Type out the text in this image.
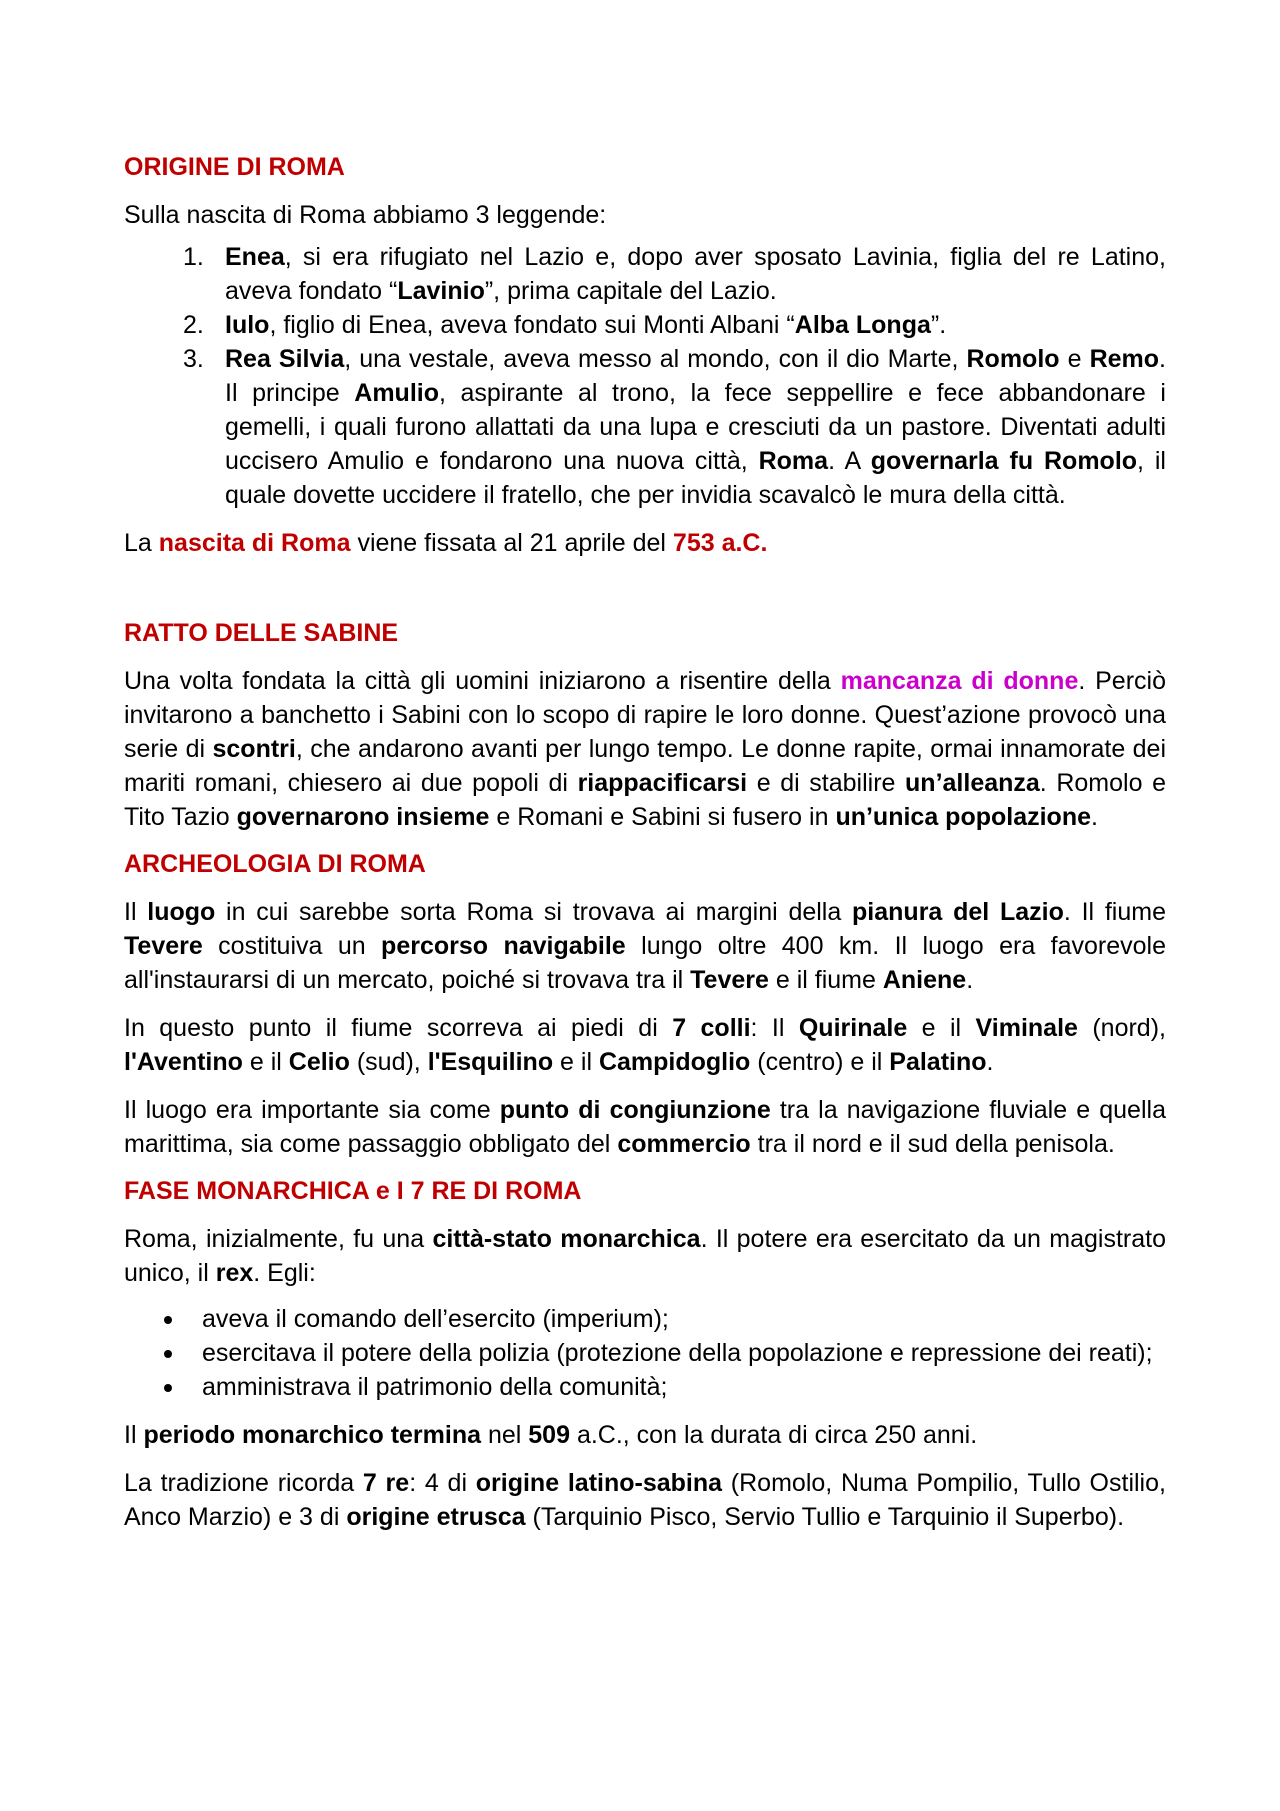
ORIGINE DI ROMA

Sulla nascita di Roma abbiamo 3 leggende:

1. Enea, si era rifugiato nel Lazio e, dopo aver sposato Lavinia, figlia del re Latino, aveva fondato “Lavinio”, prima capitale del Lazio.
2. Iulo, figlio di Enea, aveva fondato sui Monti Albani “Alba Longa”.
3. Rea Silvia, una vestale, aveva messo al mondo, con il dio Marte, Romolo e Remo. Il principe Amulio, aspirante al trono, la fece seppellire e fece abbandonare i gemelli, i quali furono allattati da una lupa e cresciuti da un pastore. Diventati adulti uccisero Amulio e fondarono una nuova città, Roma. A governarla fu Romolo, il quale dovette uccidere il fratello, che per invidia scavalcò le mura della città.

La nascita di Roma viene fissata al 21 aprile del 753 a.C.

RATTO DELLE SABINE

Una volta fondata la città gli uomini iniziarono a risentire della mancanza di donne. Perciò invitarono a banchetto i Sabini con lo scopo di rapire le loro donne. Quest’azione provocò una serie di scontri, che andarono avanti per lungo tempo. Le donne rapite, ormai innamorate dei mariti romani, chiesero ai due popoli di riappacificarsi e di stabilire un’alleanza. Romolo e Tito Tazio governarono insieme e Romani e Sabini si fusero in un’unica popolazione.

ARCHEOLOGIA DI ROMA

Il luogo in cui sarebbe sorta Roma si trovava ai margini della pianura del Lazio. Il fiume Tevere costituiva un percorso navigabile lungo oltre 400 km. Il luogo era favorevole all'instaurarsi di un mercato, poiché si trovava tra il Tevere e il fiume Aniene.

In questo punto il fiume scorreva ai piedi di 7 colli: Il Quirinale e il Viminale (nord), l'Aventino e il Celio (sud), l'Esquilino e il Campidoglio (centro) e il Palatino.

Il luogo era importante sia come punto di congiunzione tra la navigazione fluviale e quella marittima, sia come passaggio obbligato del commercio tra il nord e il sud della penisola.

FASE MONARCHICA e I 7 RE DI ROMA

Roma, inizialmente, fu una città-stato monarchica. Il potere era esercitato da un magistrato unico, il rex. Egli:

aveva il comando dell’esercito (imperium);
esercitava il potere della polizia (protezione della popolazione e repressione dei reati);
amministrava il patrimonio della comunità;

Il periodo monarchico termina nel 509 a.C., con la durata di circa 250 anni.

La tradizione ricorda 7 re: 4 di origine latino-sabina (Romolo, Numa Pompilio, Tullo Ostilio, Anco Marzio) e 3 di origine etrusca (Tarquinio Pisco, Servio Tullio e Tarquinio il Superbo).
